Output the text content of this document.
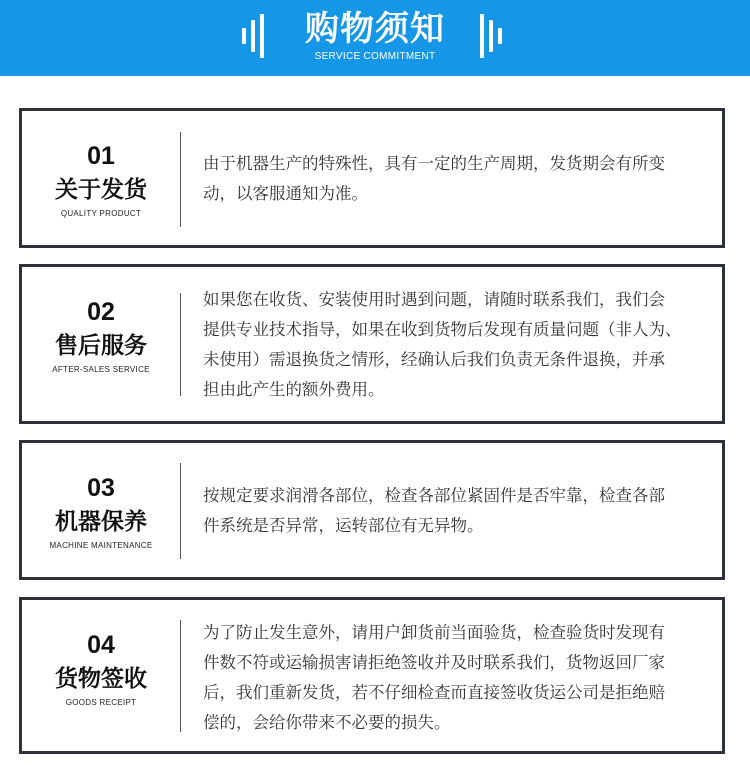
购物须知
SERVICE COMMITMENT
01
关于发货
QUALITY PRODUCT
由于机器生产的特殊性，具有一定的生产周期，发货期会有所变
动，以客服通知为准。
02
售后服务
AFTER-SALES SERVICE
如果您在收货、安装使用时遇到问题，请随时联系我们，我们会
提供专业技术指导，如果在收到货物后发现有质量问题（非人为、
未使用）需退换货之情形，经确认后我们负责无条件退换，并承
担由此产生的额外费用。
03
机器保养
MACHINE MAINTENANCE
按规定要求润滑各部位，检查各部位紧固件是否牢靠，检查各部
件系统是否异常，运转部位有无异物。
04
货物签收
GOODS RECEIPT
为了防止发生意外，请用户卸货前当面验货，检查验货时发现有
件数不符或运输损害请拒绝签收并及时联系我们，货物返回厂家
后，我们重新发货，若不仔细检查而直接签收货运公司是拒绝赔
偿的，会给你带来不必要的损失。
